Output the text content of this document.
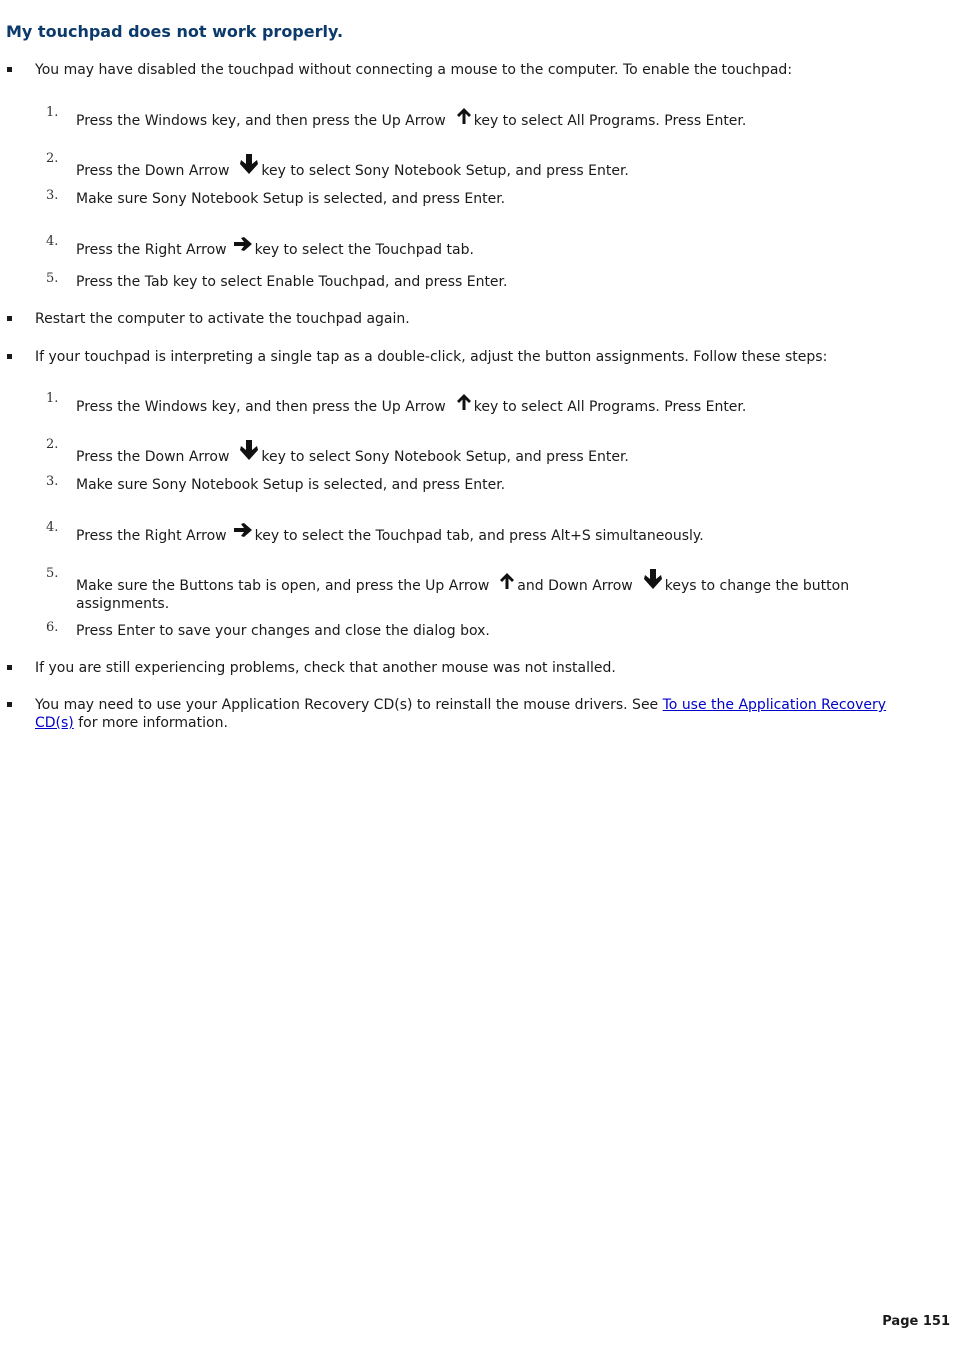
My touchpad does not work properly.
You may have disabled the touchpad without connecting a mouse to the computer. To enable the touchpad:
1.
Press the Windows key, and then press the Up Arrow key to select All Programs. Press Enter.
2.
Press the Down Arrow key to select Sony Notebook Setup, and press Enter.
3. Make sure Sony Notebook Setup is selected, and press Enter.
4.
Press the Right Arrow key to select the Touchpad tab.
5. Press the Tab key to select Enable Touchpad, and press Enter.
Restart the computer to activate the touchpad again.
If your touchpad is interpreting a single tap as a double-click, adjust the button assignments. Follow these steps:
1.
Press the Windows key, and then press the Up Arrow key to select All Programs. Press Enter.
2.
Press the Down Arrow key to select Sony Notebook Setup, and press Enter.
3. Make sure Sony Notebook Setup is selected, and press Enter.
4.
Press the Right Arrow key to select the Touchpad tab, and press Alt+S simultaneously.
5.
Make sure the Buttons tab is open, and press the Up Arrow and Down Arrow keys to change the button assignments.
6. Press Enter to save your changes and close the dialog box.
If you are still experiencing problems, check that another mouse was not installed.
You may need to use your Application Recovery CD(s) to reinstall the mouse drivers. See To use the Application Recovery CD(s) for more information.
Page 151
